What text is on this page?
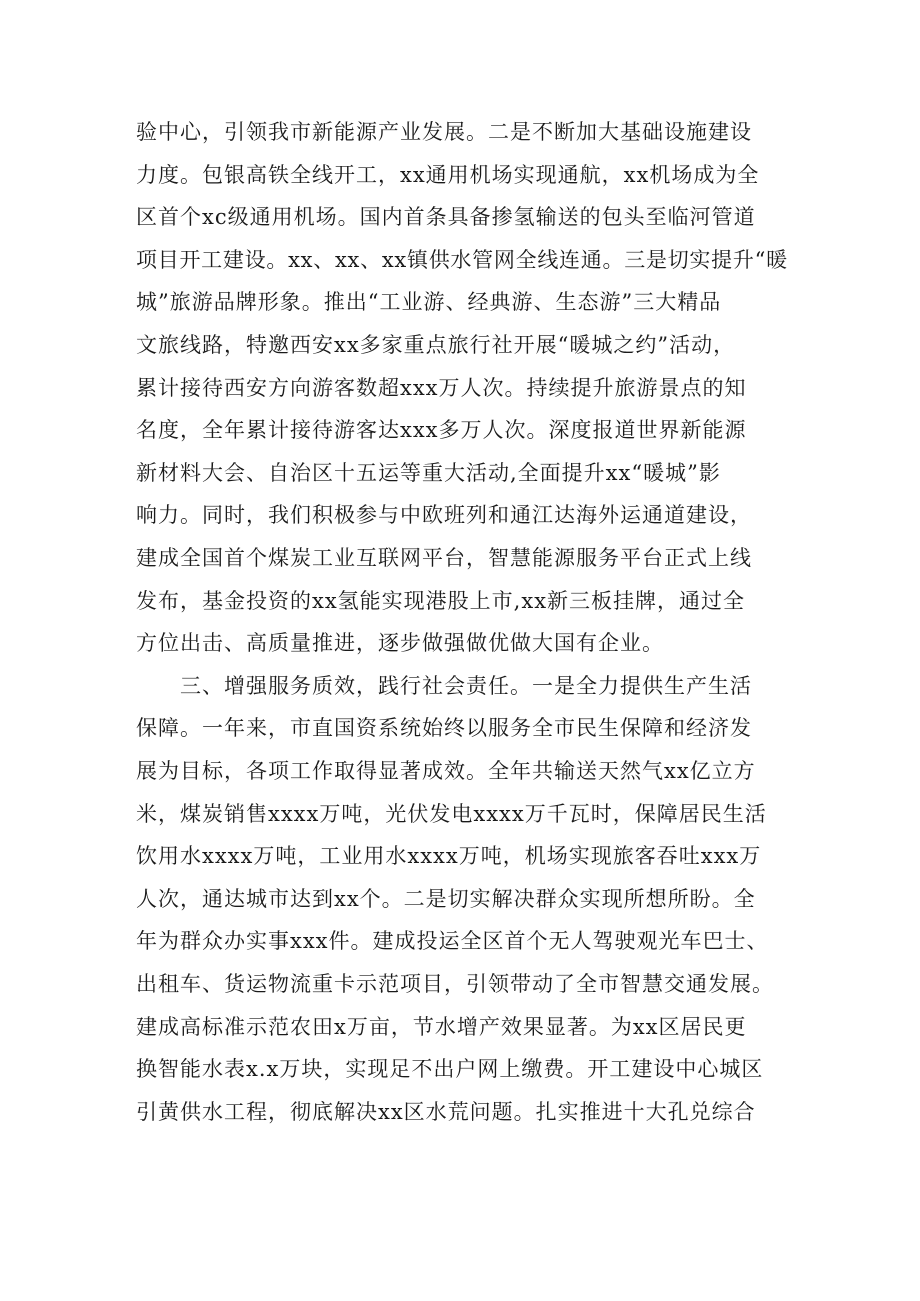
验中心，引领我市新能源产业发展。二是不断加大基础设施建设
力度。包银高铁全线开工，xx通用机场实现通航，xx机场成为全
区首个xc级通用机场。国内首条具备掺氢输送的包头至临河管道
项目开工建设。xx、xx、xx镇供水管网全线连通。三是切实提升“暖
城”旅游品牌形象。推出“工业游、经典游、生态游”三大精品
文旅线路，特邀西安xx多家重点旅行社开展“暖城之约”活动，
累计接待西安方向游客数超xxx万人次。持续提升旅游景点的知
名度，全年累计接待游客达xxx多万人次。深度报道世界新能源
新材料大会、自治区十五运等重大活动,全面提升xx“暖城”影
响力。同时，我们积极参与中欧班列和通江达海外运通道建设，
建成全国首个煤炭工业互联网平台，智慧能源服务平台正式上线
发布，基金投资的xx氢能实现港股上市,xx新三板挂牌，通过全
方位出击、高质量推进，逐步做强做优做大国有企业。
　　三、增强服务质效，践行社会责任。一是全力提供生产生活
保障。一年来，市直国资系统始终以服务全市民生保障和经济发
展为目标，各项工作取得显著成效。全年共输送天然气xx亿立方
米，煤炭销售xxxx万吨，光伏发电xxxx万千瓦时，保障居民生活
饮用水xxxx万吨，工业用水xxxx万吨，机场实现旅客吞吐xxx万
人次，通达城市达到xx个。二是切实解决群众实现所想所盼。全
年为群众办实事xxx件。建成投运全区首个无人驾驶观光车巴士、
出租车、货运物流重卡示范项目，引领带动了全市智慧交通发展。
建成高标准示范农田x万亩，节水增产效果显著。为xx区居民更
换智能水表x.x万块，实现足不出户网上缴费。开工建设中心城区
引黄供水工程，彻底解决xx区水荒问题。扎实推进十大孔兑综合
